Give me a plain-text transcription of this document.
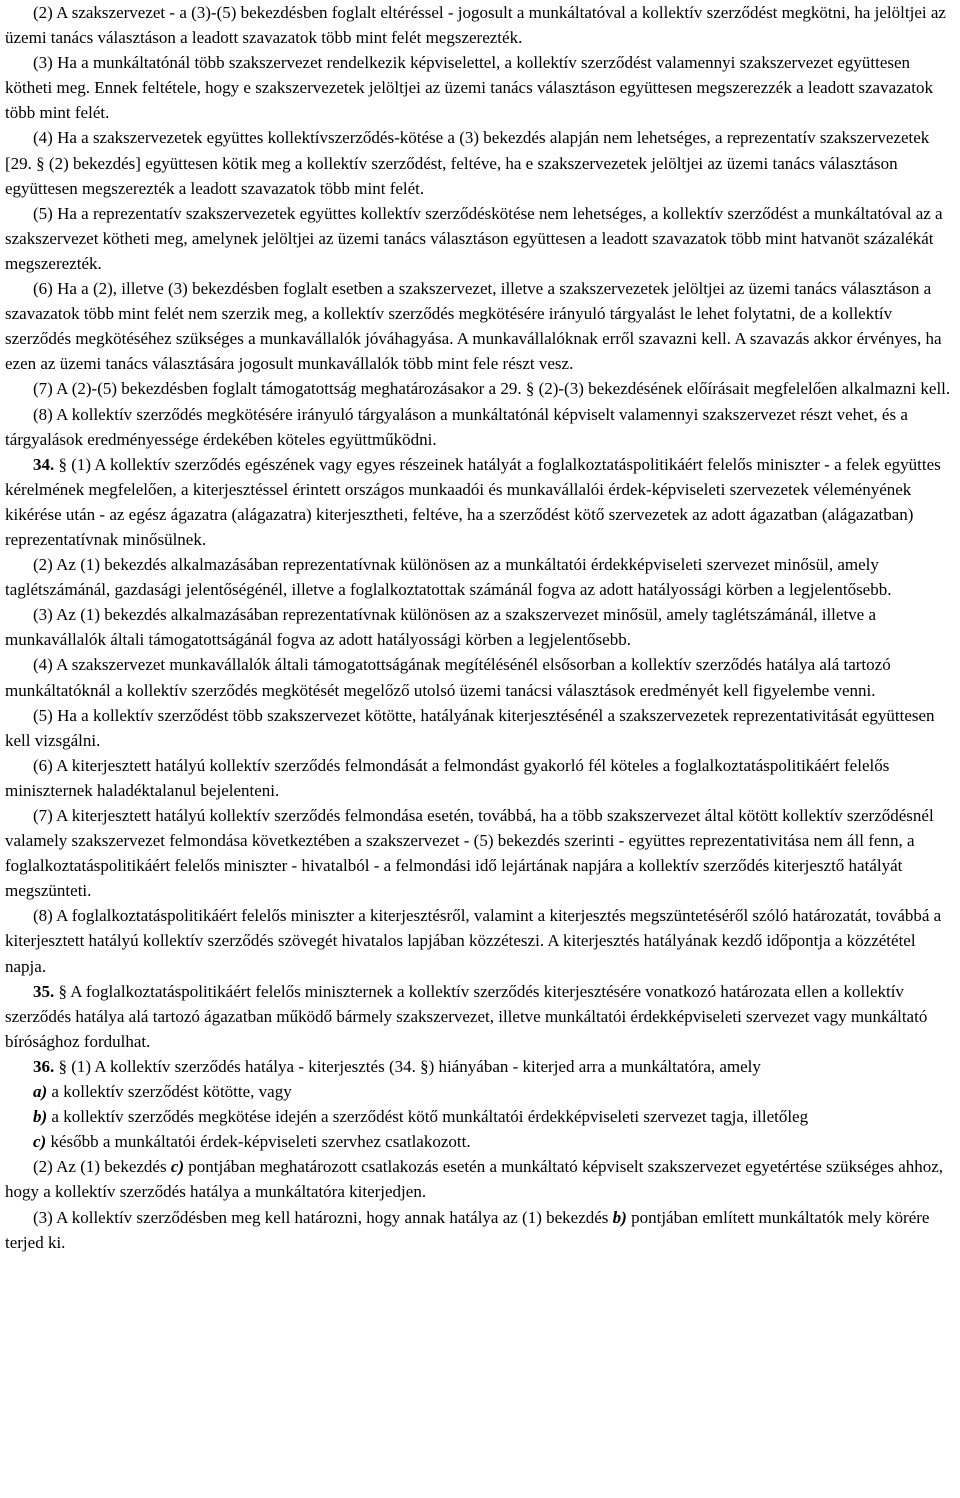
(2) A szakszervezet - a (3)-(5) bekezdésben foglalt eltéréssel - jogosult a munkáltatóval a kollektív szerződést megkötni, ha jelöltjei az üzemi tanács választáson a leadott szavazatok több mint felét megszerezték.

(3) Ha a munkáltatónál több szakszervezet rendelkezik képviselettel, a kollektív szerződést valamennyi szakszervezet együttesen kötheti meg. Ennek feltétele, hogy e szakszervezetek jelöltjei az üzemi tanács választáson együttesen megszerezzék a leadott szavazatok több mint felét.

(4) Ha a szakszervezetek együttes kollektívszerződés-kötése a (3) bekezdés alapján nem lehetséges, a reprezentatív szakszervezetek [29. § (2) bekezdés] együttesen kötik meg a kollektív szerződést, feltéve, ha e szakszervezetek jelöltjei az üzemi tanács választáson együttesen megszerezték a leadott szavazatok több mint felét.

(5) Ha a reprezentatív szakszervezetek együttes kollektív szerződéskötése nem lehetséges, a kollektív szerződést a munkáltatóval az a szakszervezet kötheti meg, amelynek jelöltjei az üzemi tanács választáson együttesen a leadott szavazatok több mint hatvanöt százalékát megszerezték.

(6) Ha a (2), illetve (3) bekezdésben foglalt esetben a szakszervezet, illetve a szakszervezetek jelöltjei az üzemi tanács választáson a szavazatok több mint felét nem szerzik meg, a kollektív szerződés megkötésére irányuló tárgyalást le lehet folytatni, de a kollektív szerződés megkötéséhez szükséges a munkavállalók jóváhagyása. A munkavállalóknak erről szavazni kell. A szavazás akkor érvényes, ha ezen az üzemi tanács választására jogosult munkavállalók több mint fele részt vesz.

(7) A (2)-(5) bekezdésben foglalt támogatottság meghatározásakor a 29. § (2)-(3) bekezdésének előírásait megfelelően alkalmazni kell.

(8) A kollektív szerződés megkötésére irányuló tárgyaláson a munkáltatónál képviselt valamennyi szakszervezet részt vehet, és a tárgyalások eredményessége érdekében köteles együttműködni.

34. § (1) A kollektív szerződés egészének vagy egyes részeinek hatályát a foglalkoztatáspolitikáért felelős miniszter - a felek együttes kérelmének megfelelően, a kiterjesztéssel érintett országos munkaadói és munkavállalói érdek-képviseleti szervezetek véleményének kikérése után - az egész ágazatra (alágazatra) kiterjesztheti, feltéve, ha a szerződést kötő szervezetek az adott ágazatban (alágazatban) reprezentatívnak minősülnek.

(2) Az (1) bekezdés alkalmazásában reprezentatívnak különösen az a munkáltatói érdekképviseleti szervezet minősül, amely taglétszámánál, gazdasági jelentőségénél, illetve a foglalkoztatottak számánál fogva az adott hatályossági körben a legjelentősebb.

(3) Az (1) bekezdés alkalmazásában reprezentatívnak különösen az a szakszervezet minősül, amely taglétszámánál, illetve a munkavállalók általi támogatottságánál fogva az adott hatályossági körben a legjelentősebb.

(4) A szakszervezet munkavállalók általi támogatottságának megítélésénél elsősorban a kollektív szerződés hatálya alá tartozó munkáltatóknál a kollektív szerződés megkötését megelőző utolsó üzemi tanácsi választások eredményét kell figyelembe venni.

(5) Ha a kollektív szerződést több szakszervezet kötötte, hatályának kiterjesztésénél a szakszervezetek reprezentativitását együttesen kell vizsgálni.

(6) A kiterjesztett hatályú kollektív szerződés felmondását a felmondást gyakorló fél köteles a foglalkoztatáspolitikáért felelős miniszternek haladéktalanul bejelenteni.

(7) A kiterjesztett hatályú kollektív szerződés felmondása esetén, továbbá, ha a több szakszervezet által kötött kollektív szerződésnél valamely szakszervezet felmondása következtében a szakszervezet - (5) bekezdés szerinti - együttes reprezentativitása nem áll fenn, a foglalkoztatáspolitikáért felelős miniszter - hivatalból - a felmondási idő lejártának napjára a kollektív szerződés kiterjesztő hatályát megszünteti.

(8) A foglalkoztatáspolitikáért felelős miniszter a kiterjesztésről, valamint a kiterjesztés megszüntetéséről szóló határozatát, továbbá a kiterjesztett hatályú kollektív szerződés szövegét hivatalos lapjában közzéteszi. A kiterjesztés hatályának kezdő időpontja a közzététel napja.

35. § A foglalkoztatáspolitikáért felelős miniszternek a kollektív szerződés kiterjesztésére vonatkozó határozata ellen a kollektív szerződés hatálya alá tartozó ágazatban működő bármely szakszervezet, illetve munkáltatói érdekképviseleti szervezet vagy munkáltató bírósághoz fordulhat.

36. § (1) A kollektív szerződés hatálya - kiterjesztés (34. §) hiányában - kiterjed arra a munkáltatóra, amely

a) a kollektív szerződést kötötte, vagy

b) a kollektív szerződés megkötése idején a szerződést kötő munkáltatói érdekképviseleti szervezet tagja, illetőleg

c) később a munkáltatói érdek-képviseleti szervhez csatlakozott.

(2) Az (1) bekezdés c) pontjában meghatározott csatlakozás esetén a munkáltató képviselt szakszervezet egyetértése szükséges ahhoz, hogy a kollektív szerződés hatálya a munkáltatóra kiterjedjen.

(3) A kollektív szerződésben meg kell határozni, hogy annak hatálya az (1) bekezdés b) pontjában említett munkáltatók mely körére terjed ki.
